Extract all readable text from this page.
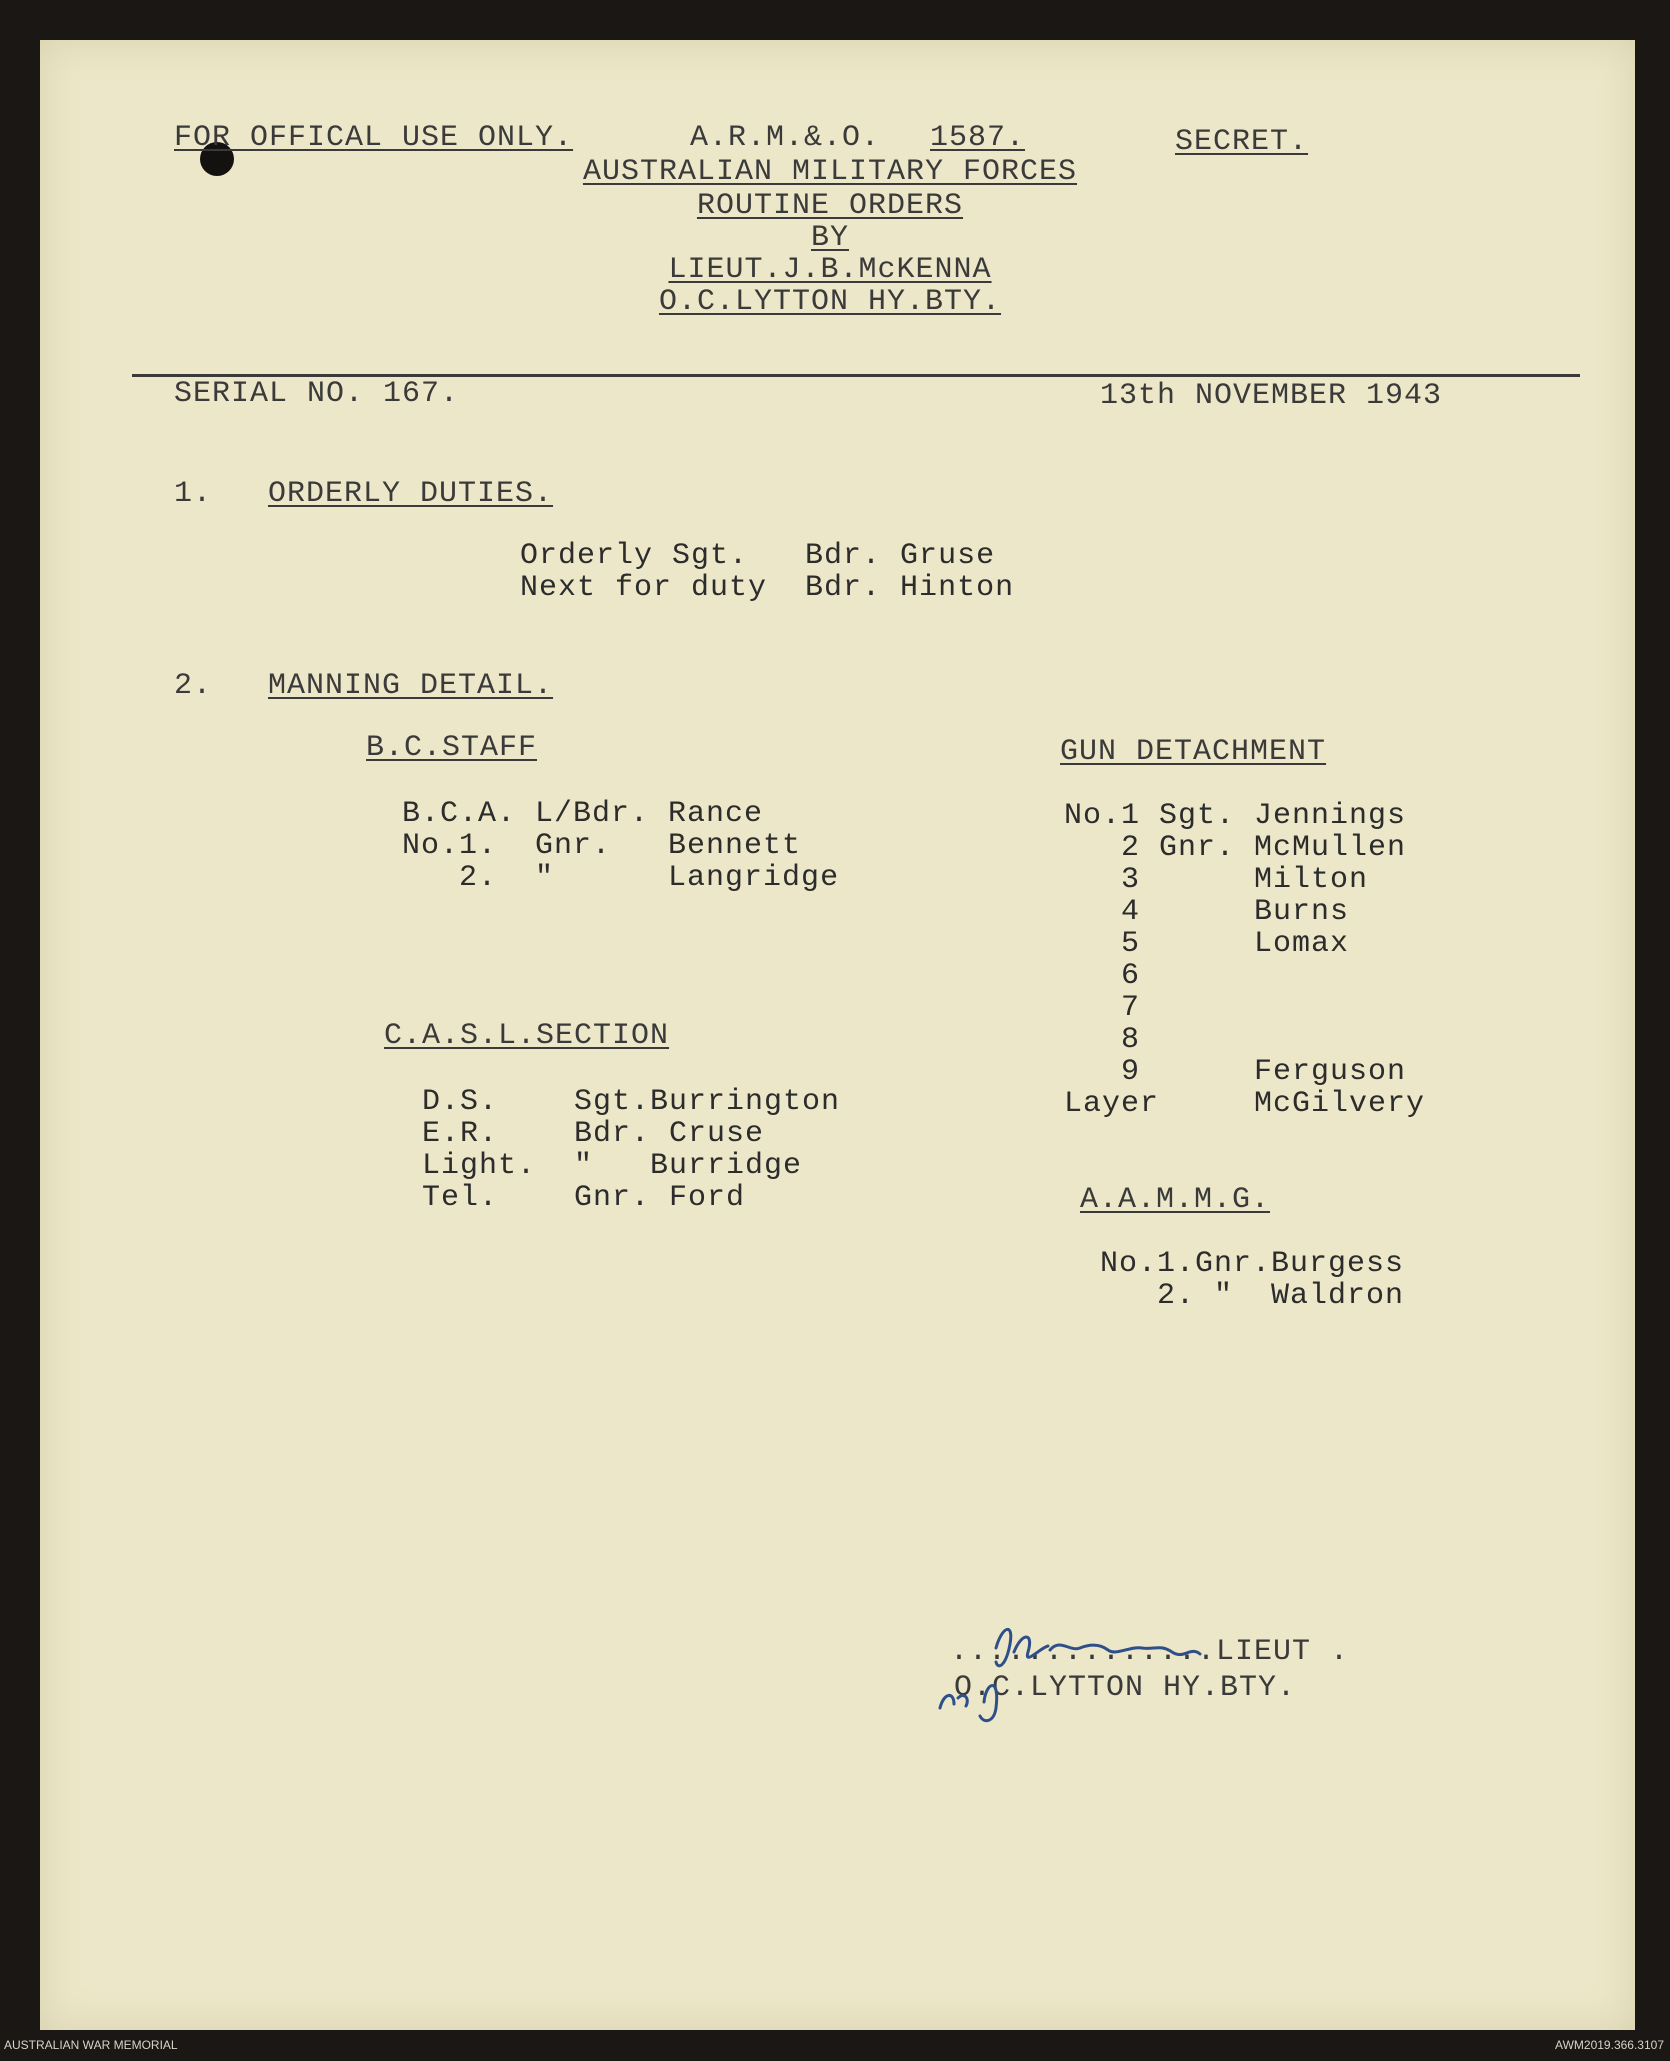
FOR OFFICAL USE ONLY.	A.R.M.&.O. 1587.	SECRET.
AUSTRALIAN MILITARY FORCES
ROUTINE ORDERS
BY
LIEUT.J.B.McKENNA
O.C.LYTTON HY.BTY.
SERIAL NO. 167.	13th NOVEMBER 1943
1. ORDERLY DUTIES.
Orderly Sgt.   Bdr. Gruse
Next for duty  Bdr. Hinton
2. MANNING DETAIL.
B.C.STAFF
B.C.A. L/Bdr. Rance
No.1.  Gnr.   Bennett
2.  "      Langridge
C.A.S.L.SECTION
D.S.    Sgt.Burrington
E.R.    Bdr. Cruse
Light.  "   Burridge
Tel.    Gnr. Ford
GUN DETACHMENT
No.1 Sgt. Jennings
2 Gnr. McMullen
3      Milton
4      Burns
5      Lomax
6
7
8
9      Ferguson
Layer     McGilvery
A.A.M.M.G.
No.1.Gnr.Burgess
2. "  Waldron
..............LIEUT .
O.C.LYTTON HY.BTY.
for
AUSTRALIAN WAR MEMORIAL	AWM2019.366.3107
